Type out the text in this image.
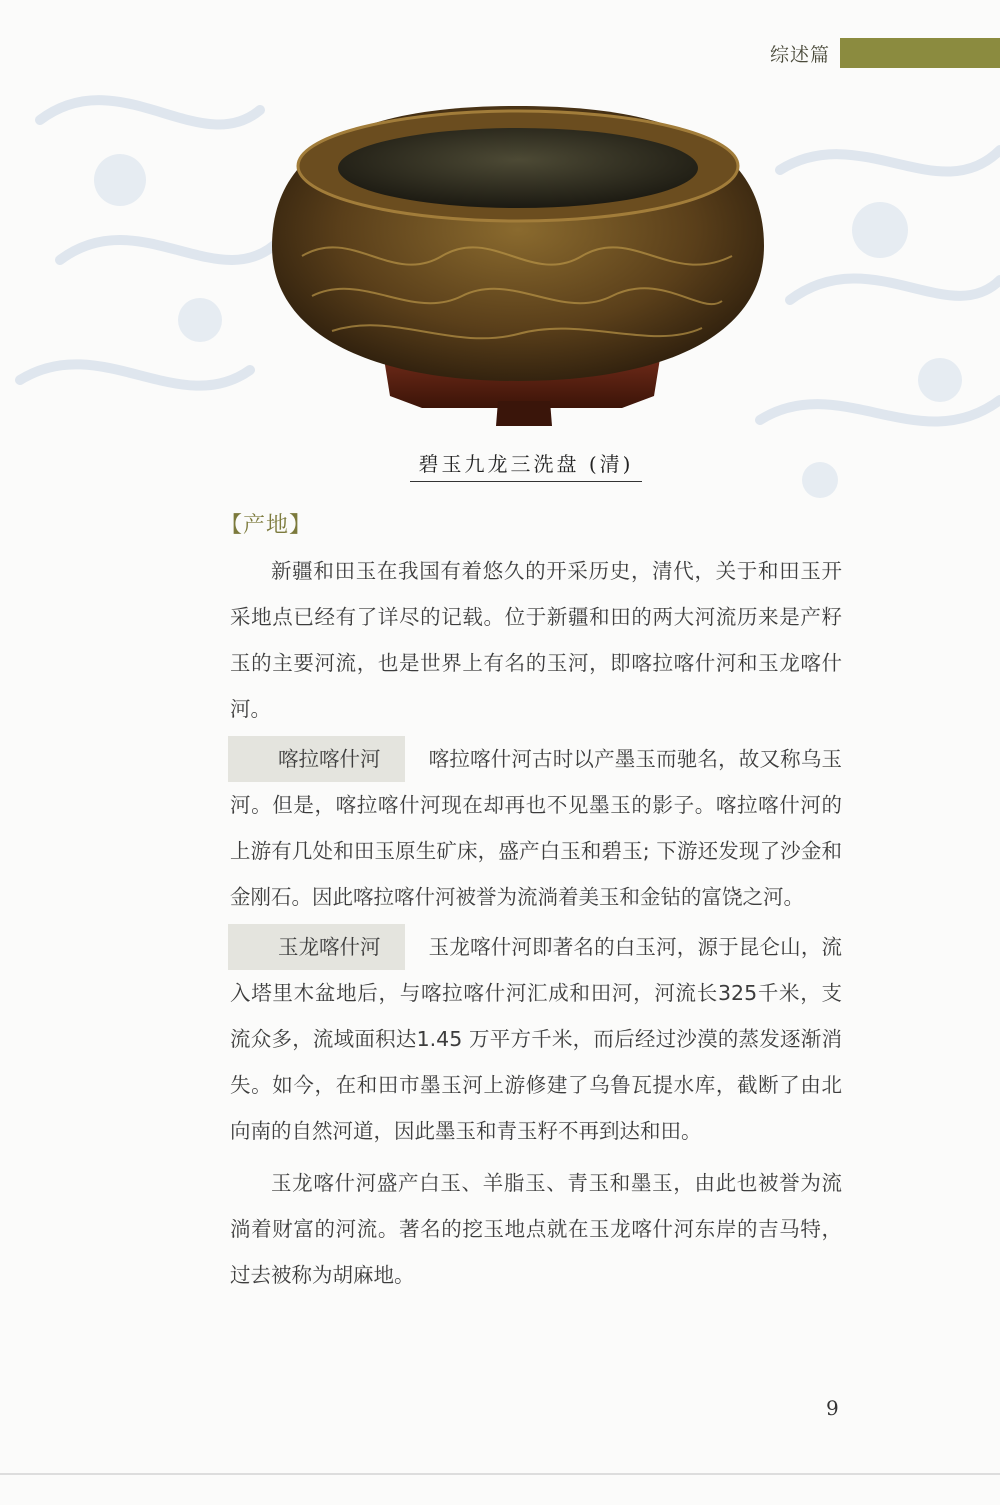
综述篇
碧玉九龙三洗盘 (清)
【产地】

新疆和田玉在我国有着悠久的开采历史，清代，关于和田玉开采地点已经有了详尽的记载。位于新疆和田的两大河流历来是产籽玉的主要河流，也是世界上有名的玉河，即喀拉喀什河和玉龙喀什河。

喀拉喀什河 喀拉喀什河古时以产墨玉而驰名，故又称乌玉河。但是，喀拉喀什河现在却再也不见墨玉的影子。喀拉喀什河的上游有几处和田玉原生矿床，盛产白玉和碧玉; 下游还发现了沙金和金刚石。因此喀拉喀什河被誉为流淌着美玉和金钻的富饶之河。

玉龙喀什河 玉龙喀什河即著名的白玉河，源于昆仑山，流入塔里木盆地后，与喀拉喀什河汇成和田河，河流长325千米，支流众多，流域面积达1.45 万平方千米，而后经过沙漠的蒸发逐渐消失。如今，在和田市墨玉河上游修建了乌鲁瓦提水库，截断了由北向南的自然河道，因此墨玉和青玉籽不再到达和田。

玉龙喀什河盛产白玉、羊脂玉、青玉和墨玉，由此也被誉为流淌着财富的河流。著名的挖玉地点就在玉龙喀什河东岸的吉马特，过去被称为胡麻地。

9
